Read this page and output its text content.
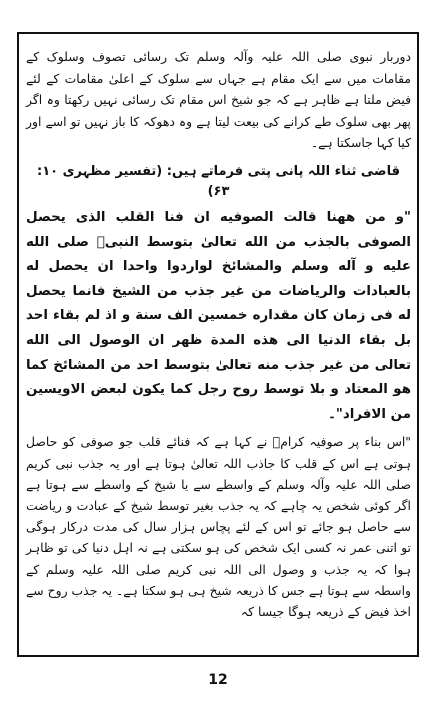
دوربار نبوی صلی اللہ علیہ وآلہ وسلم تک رسائی تصوف وسلوک کے مقامات میں سے ایک مقام ہے جہاں سے سلوک کے اعلیٰ مقامات کے لئے فیض ملتا ہے ظاہر ہے کہ جو شیخ اس مقام تک رسائی نہیں رکھتا وہ اگر پھر بھی سلوک طے کرانے کی بیعت لیتا ہے وہ دھوکہ کا باز نہیں تو اسے اور کیا کہا جاسکتا ہے۔

قاضی ثناء اللہ پانی پتی فرماتے ہیں: (تفسیر مظہری ۱۰: ۶۳)

"و من ههنا قالت الصوفيه ان فنا القلب الذى يحصل الصوفى بالجذب من الله تعالىٰ بتوسط النبىؐ صلى الله عليه و آله وسلم والمشائخ لواردوا واحدا ان يحصل له بالعبادات والرياضات من غير جذب من الشيخ فانما يحصل له فى زمان كان مقداره خمسين الف سنة و اذ لم بقاء احد بل بقاء الدنيا الى هذه المدة ظهر ان الوصول الى الله تعالى من غير جذب منه تعالىٰ بتوسط احد من المشائخ كما هو المعتاد و بلا توسط روح رجل كما يكون لبعض الاويسين من الافراد"۔

"اس بناء پر صوفیہ کرامؒ نے کہا ہے کہ فنائے قلب جو صوفی کو حاصل ہوتی ہے اس کے قلب کا جاذب اللہ تعالیٰ ہوتا ہے اور یہ جذب نبی کریم صلی اللہ علیہ وآلہ وسلم کے واسطے سے یا شیخ کے واسطے سے ہوتا ہے اگر کوئی شخص یہ چاہے کہ یہ جذب بغیر توسط شیخ کے عبادت و ریاضت سے حاصل ہو جائے تو اس کے لئے پچاس ہزار سال کی مدت درکار ہوگی تو اتنی عمر نہ کسی ایک شخص کی ہو سکتی ہے نہ اہل دنیا کی تو ظاہر ہوا کہ یہ جذب و وصول الی اللہ نبی کریم صلی اللہ علیہ وسلم کے واسطہ سے ہوتا ہے جس کا ذریعہ شیخ ہی ہو سکتا ہے۔ یہ جذب روح سے اخذ فیض کے ذریعہ ہوگا جیسا کہ

12
